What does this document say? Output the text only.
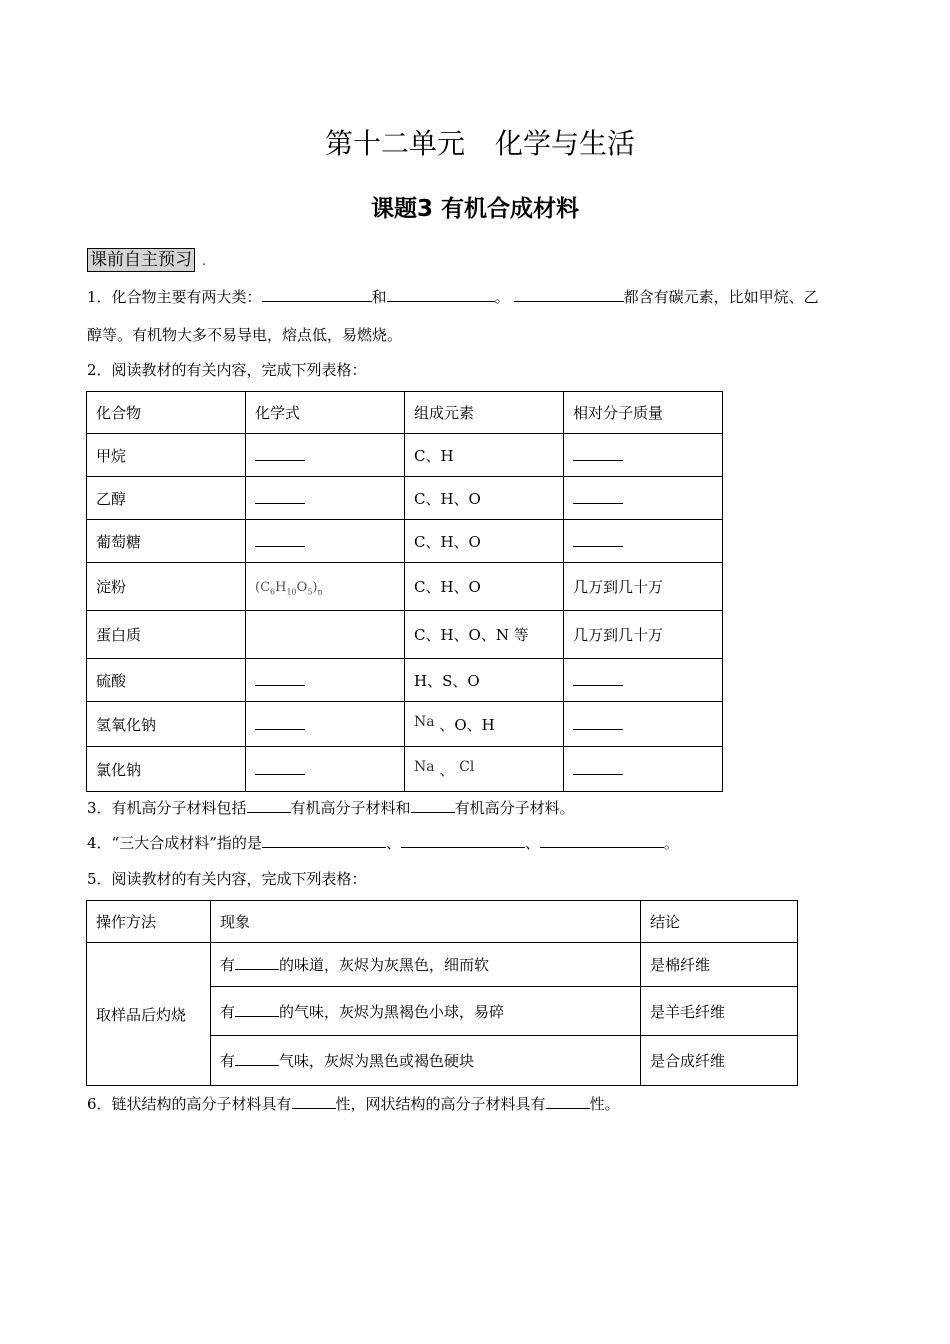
第十二单元 化学与生活
课题3 有机合成材料
课前自主预习 .
1．化合物主要有两大类：	和	。	都含有碳元素，比如甲烷、乙
醇等。有机物大多不易导电，熔点低，易燃烧。
2．阅读教材的有关内容，完成下列表格：
化合物	化学式	组成元素	相对分子质量
甲烷		C、H	
乙醇		C、H、O	
葡萄糖		C、H、O	
淀粉	$(C_6H_{10}O_5)_n$	C、H、O	几万到几十万
蛋白质		C、H、O、N 等	几万到几十万
硫酸		H、S、O	
氢氧化钠		Na 、O、H	
氯化钠		Na 、 Cl	
3．有机高分子材料包括	有机高分子材料和	有机高分子材料。
4．“三大合成材料”指的是	、	、	。
5．阅读教材的有关内容，完成下列表格：
操作方法	现象	结论
取样品后灼烧	有 的味道，灰烬为灰黑色，细而软	是棉纤维
	有 的气味，灰烬为黑褐色小球，易碎	是羊毛纤维
	有 气味，灰烬为黑色或褐色硬块	是合成纤维
6．链状结构的高分子材料具有	性，网状结构的高分子材料具有	性。
